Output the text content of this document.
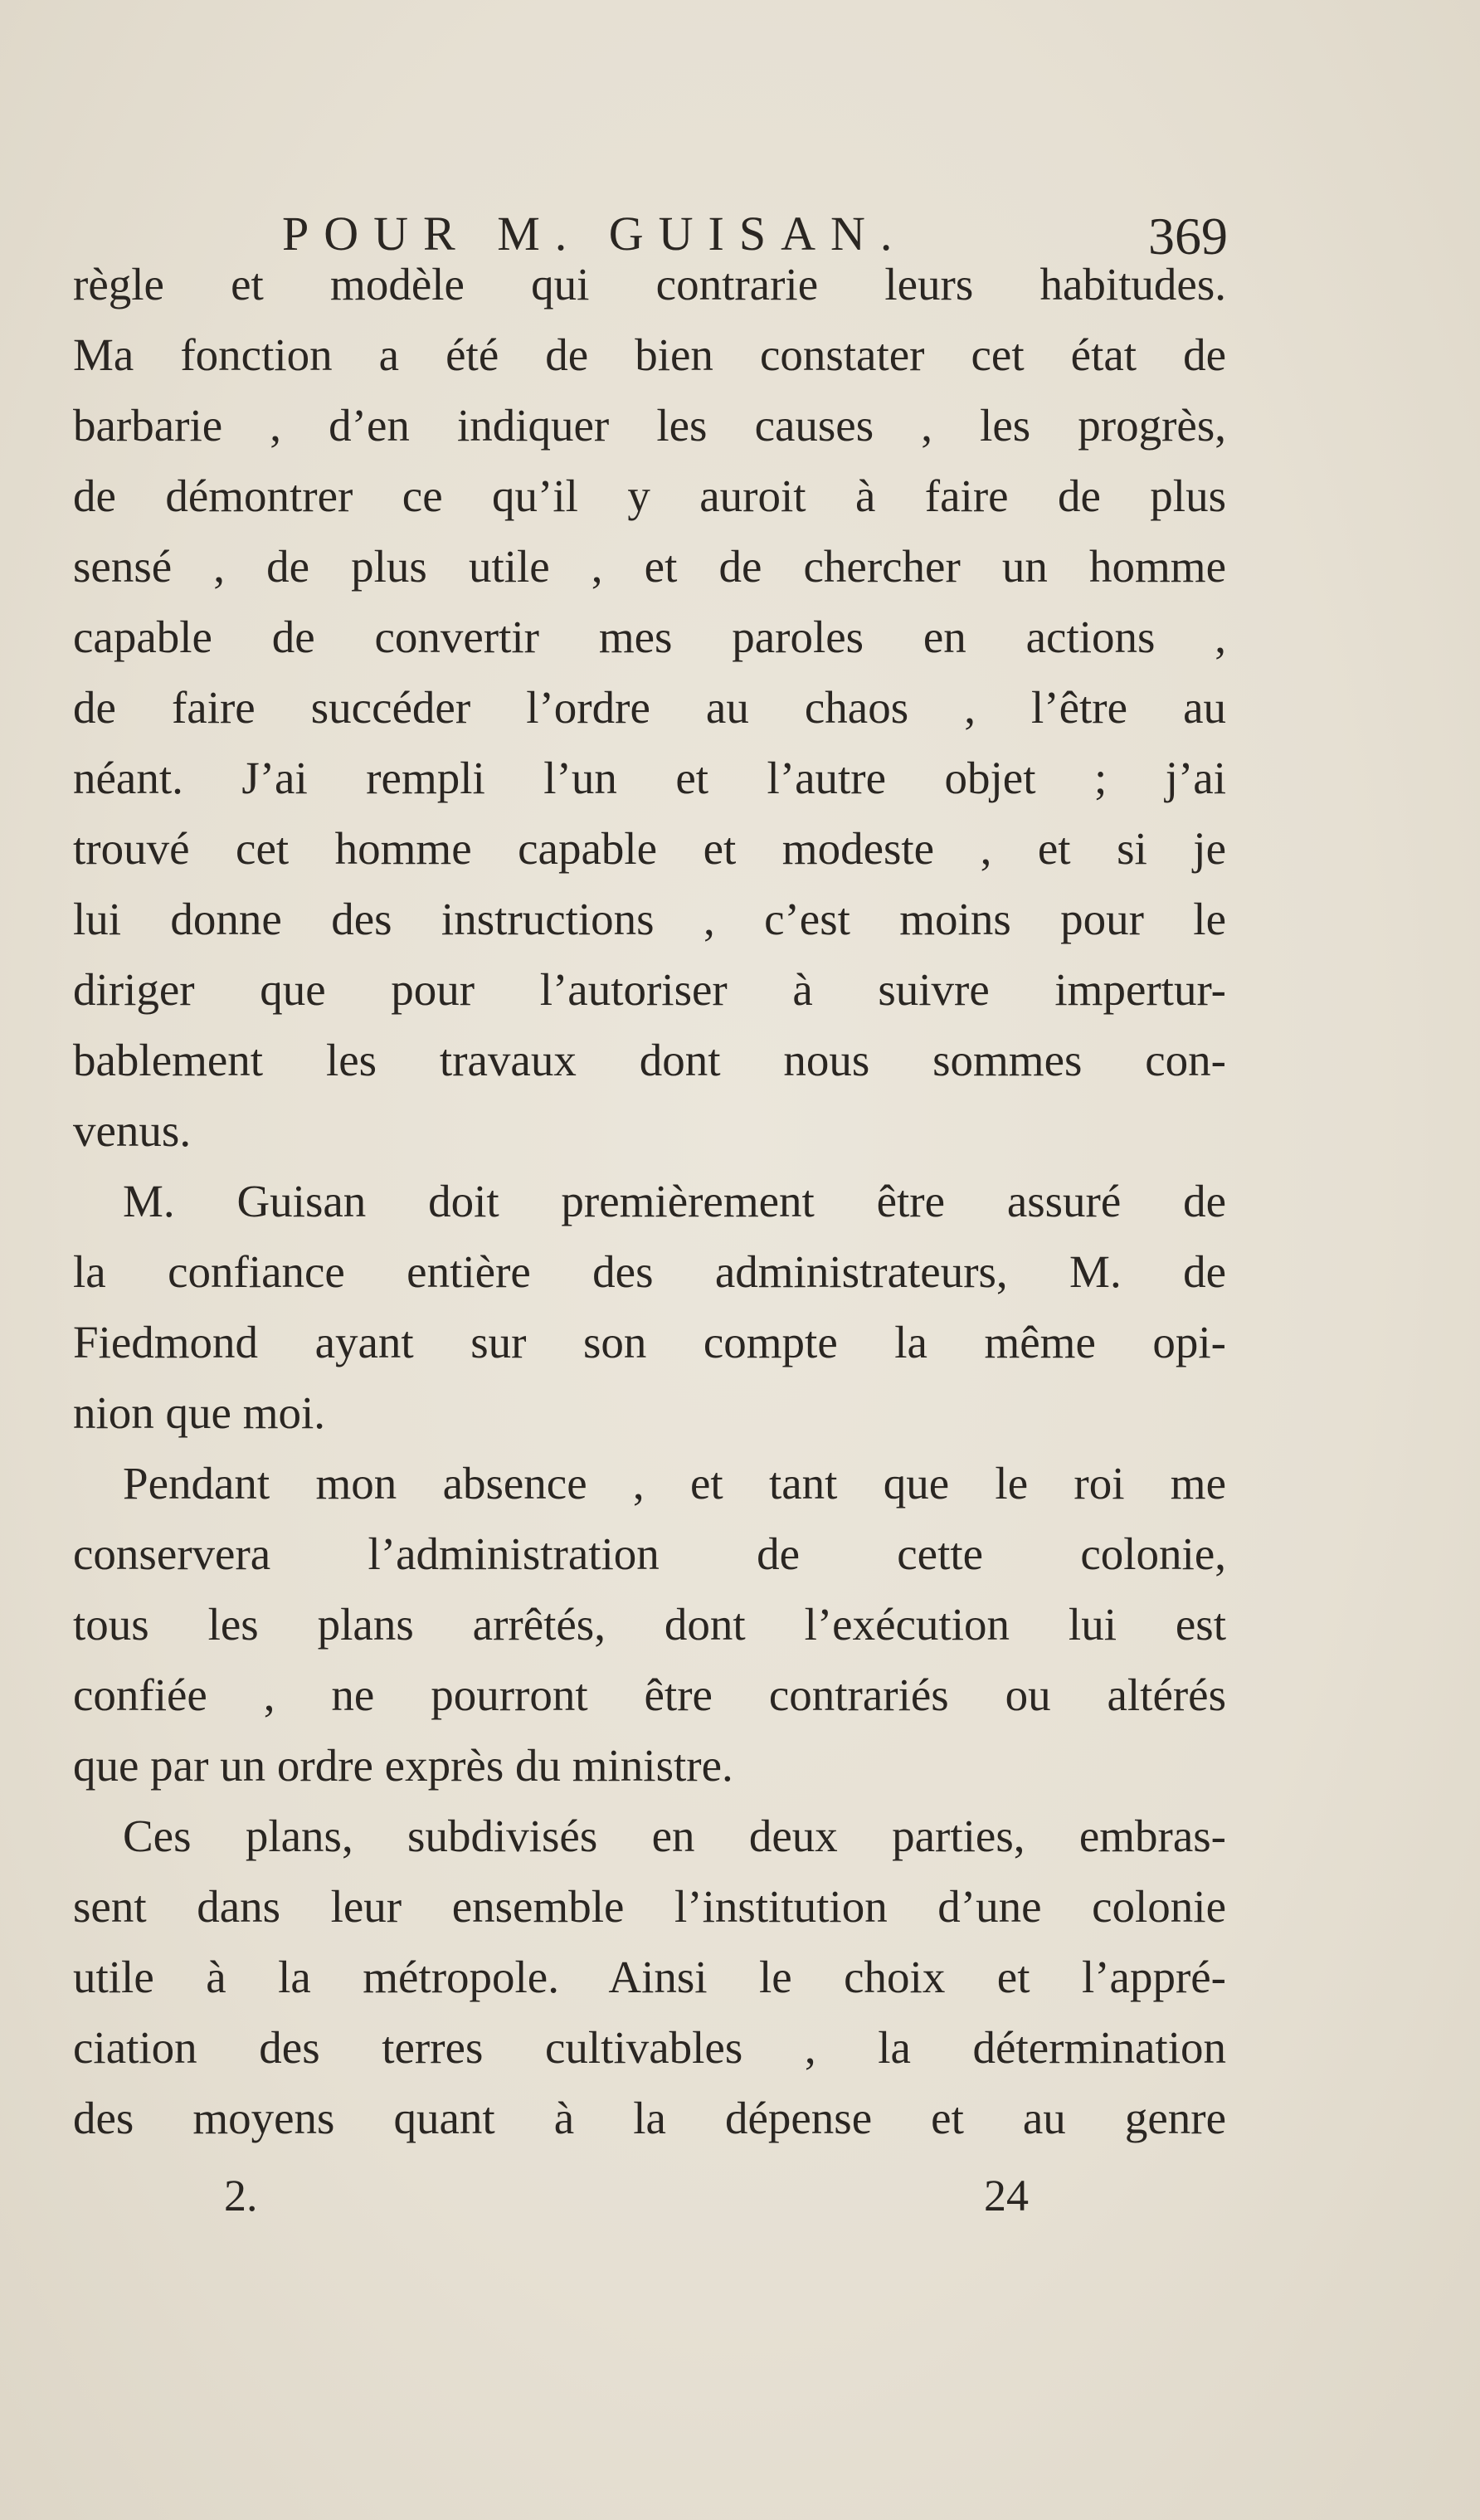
POUR M. GUISAN.	369
règle et modèle qui contrarie leurs habitudes.
Ma fonction a été de bien constater cet état de
barbarie , d’en indiquer les causes , les progrès,
de démontrer ce qu’il y auroit à faire de plus
sensé , de plus utile , et de chercher un homme
capable de convertir mes paroles en actions ,
de faire succéder l’ordre au chaos , l’être au
néant. J’ai rempli l’un et l’autre objet ; j’ai
trouvé cet homme capable et modeste , et si je
lui donne des instructions , c’est moins pour le
diriger que pour l’autoriser à suivre impertur-
bablement les travaux dont nous sommes con-
venus.
M. Guisan doit premièrement être assuré de
la confiance entière des administrateurs, M. de
Fiedmond ayant sur son compte la même opi-
nion que moi.
Pendant mon absence , et tant que le roi me
conservera l’administration de cette colonie,
tous les plans arrêtés, dont l’exécution lui est
confiée , ne pourront être contrariés ou altérés
que par un ordre exprès du ministre.
Ces plans, subdivisés en deux parties, embras-
sent dans leur ensemble l’institution d’une colonie
utile à la métropole. Ainsi le choix et l’appré-
ciation des terres cultivables , la détermination
des moyens quant à la dépense et au genre
2.	24
